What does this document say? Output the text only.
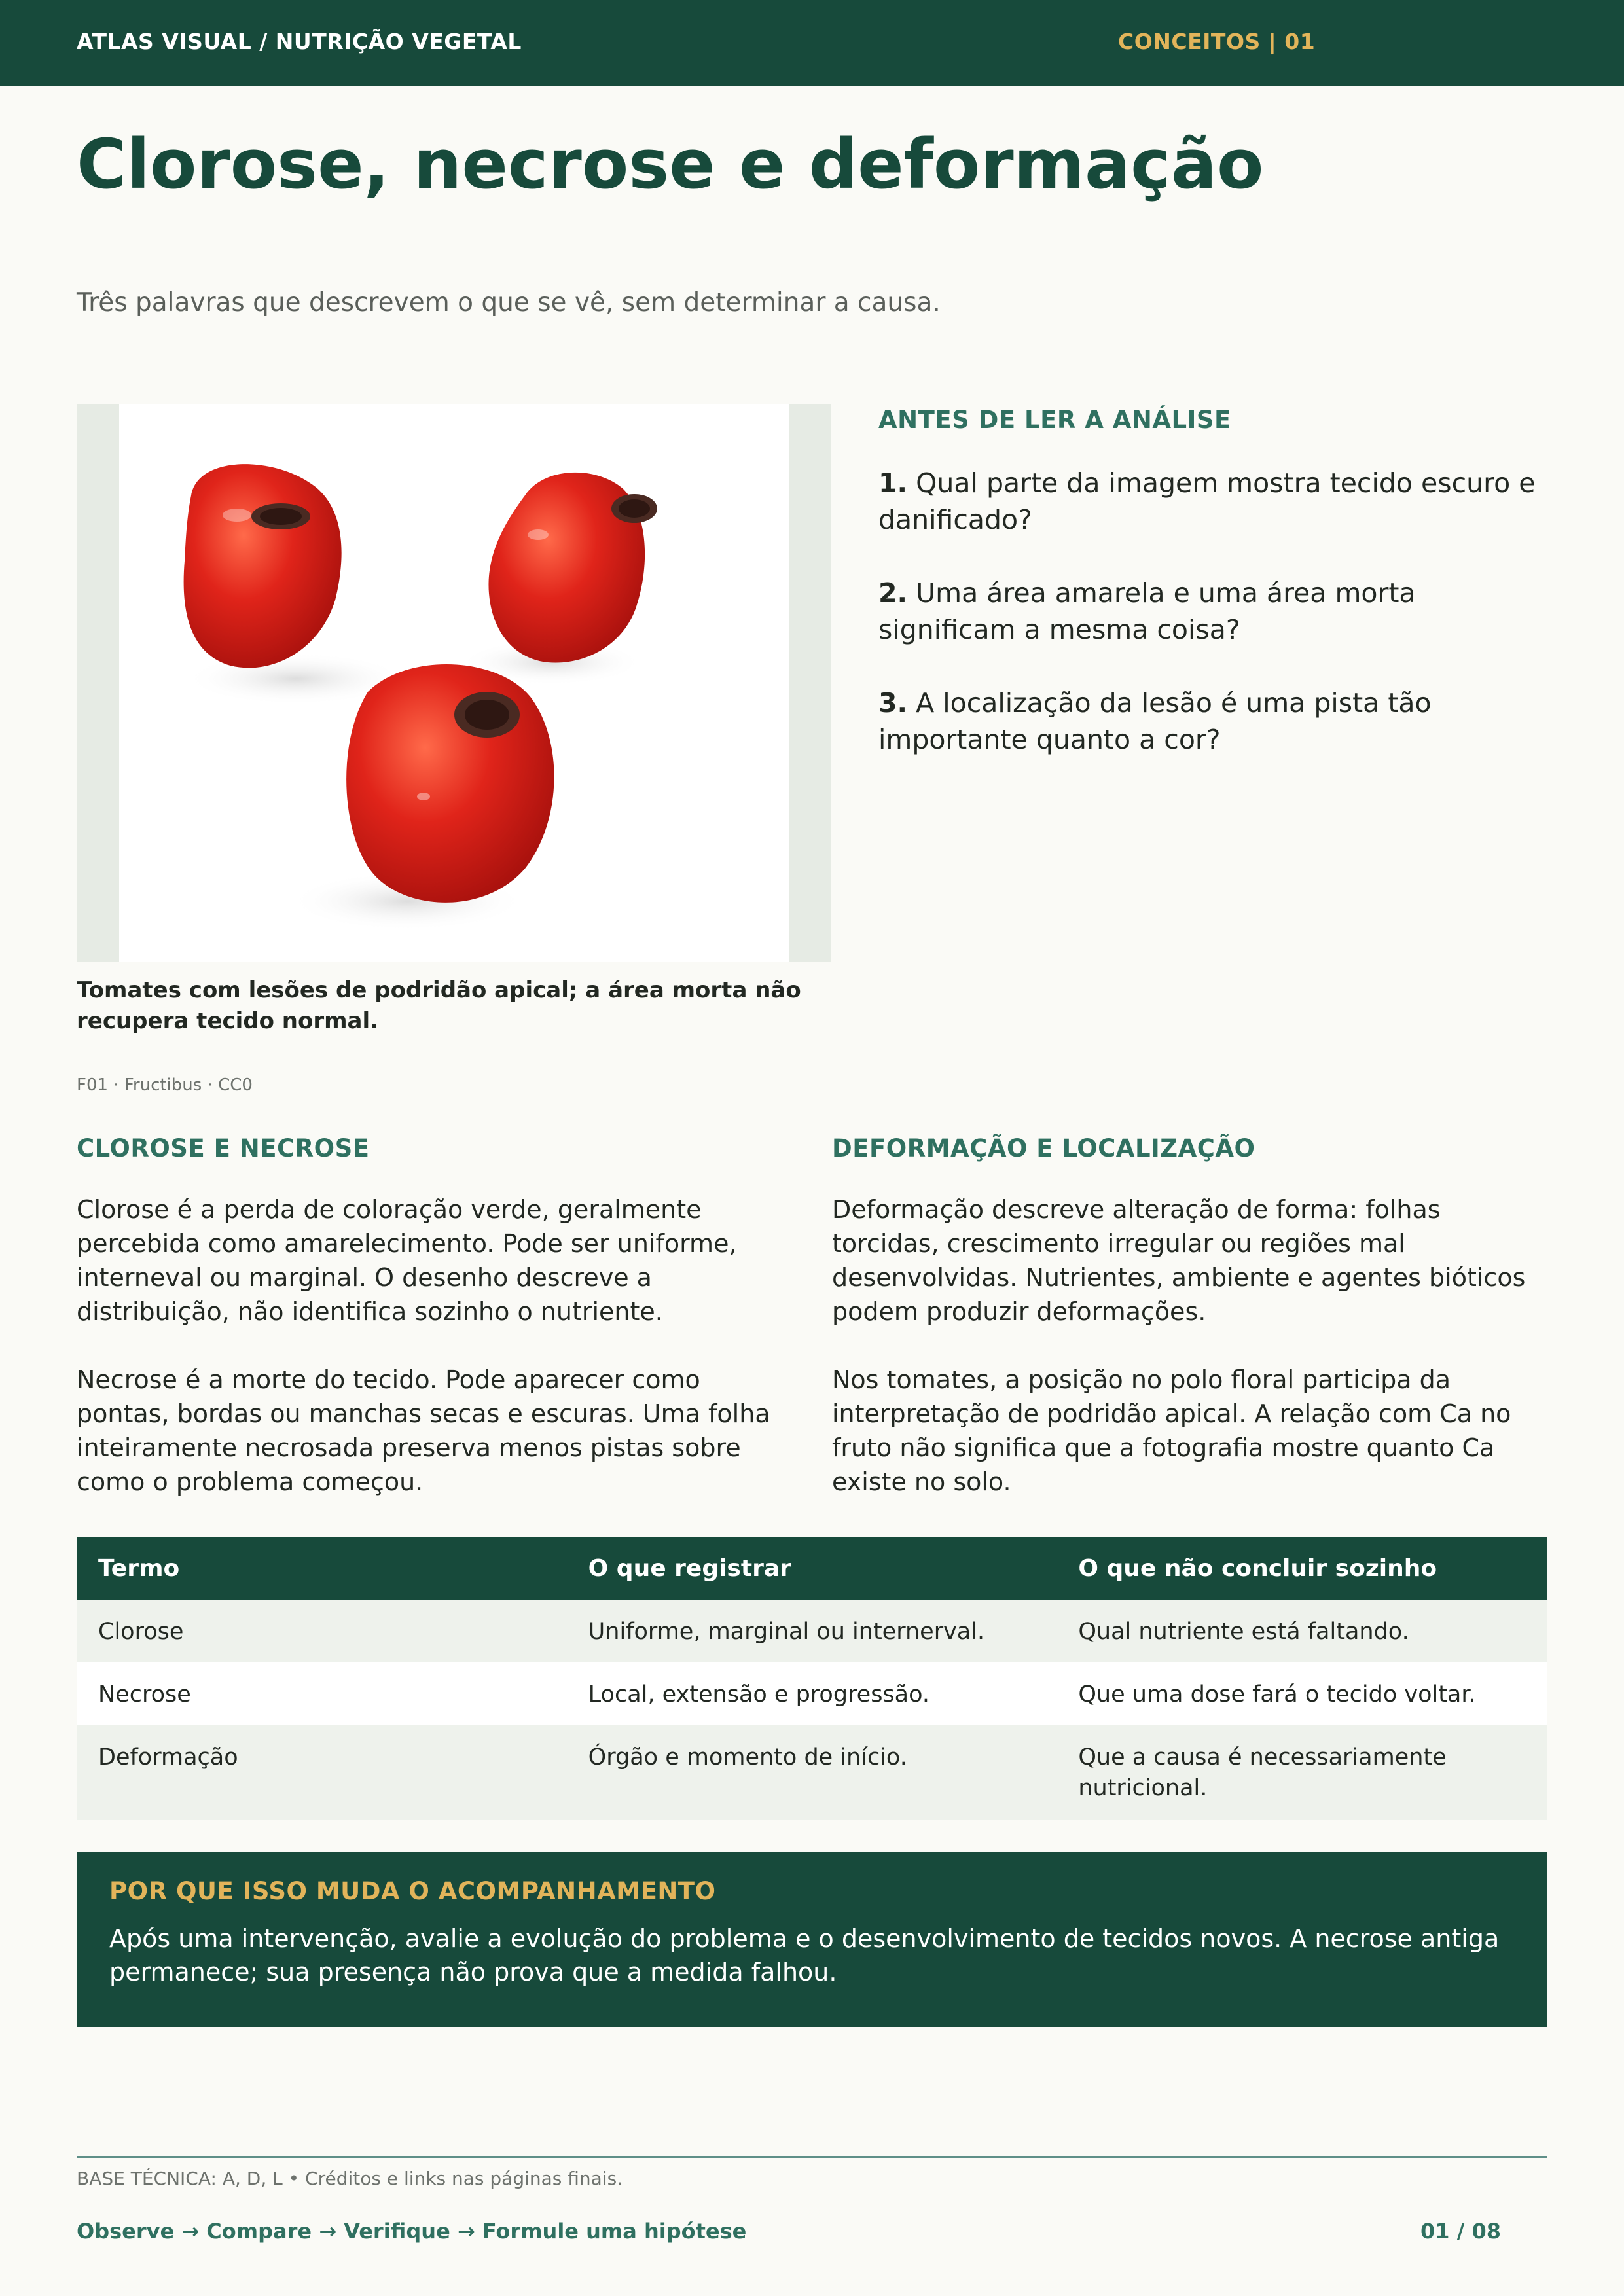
ATLAS VISUAL / NUTRIÇÃO VEGETAL	CONCEITOS | 01
Clorose, necrose e deformação
Três palavras que descrevem o que se vê, sem determinar a causa.
Tomates com lesões de podridão apical; a área morta não recupera tecido normal.
F01 · Fructibus · CC0
ANTES DE LER A ANÁLISE
1. Qual parte da imagem mostra tecido escuro e danificado?
2. Uma área amarela e uma área morta significam a mesma coisa?
3. A localização da lesão é uma pista tão importante quanto a cor?
CLOROSE E NECROSE

Clorose é a perda de coloração verde, geralmente percebida como amarelecimento. Pode ser uniforme, interneval ou marginal. O desenho descreve a distribuição, não identifica sozinho o nutriente.

Necrose é a morte do tecido. Pode aparecer como pontas, bordas ou manchas secas e escuras. Uma folha inteiramente necrosada preserva menos pistas sobre como o problema começou.

DEFORMAÇÃO E LOCALIZAÇÃO

Deformação descreve alteração de forma: folhas torcidas, crescimento irregular ou regiões mal desenvolvidas. Nutrientes, ambiente e agentes bióticos podem produzir deformações.

Nos tomates, a posição no polo floral participa da interpretação de podridão apical. A relação com Ca no fruto não significa que a fotografia mostre quanto Ca existe no solo.

Termo	O que registrar	O que não concluir sozinho
Clorose	Uniforme, marginal ou internerval.	Qual nutriente está faltando.
Necrose	Local, extensão e progressão.	Que uma dose fará o tecido voltar.
Deformação	Órgão e momento de início.	Que a causa é necessariamente nutricional.
POR QUE ISSO MUDA O ACOMPANHAMENTO
Após uma intervenção, avalie a evolução do problema e o desenvolvimento de tecidos novos. A necrose antiga permanece; sua presença não prova que a medida falhou.
BASE TÉCNICA: A, D, L • Créditos e links nas páginas finais.
Observe → Compare → Verifique → Formule uma hipótese	01 / 08
